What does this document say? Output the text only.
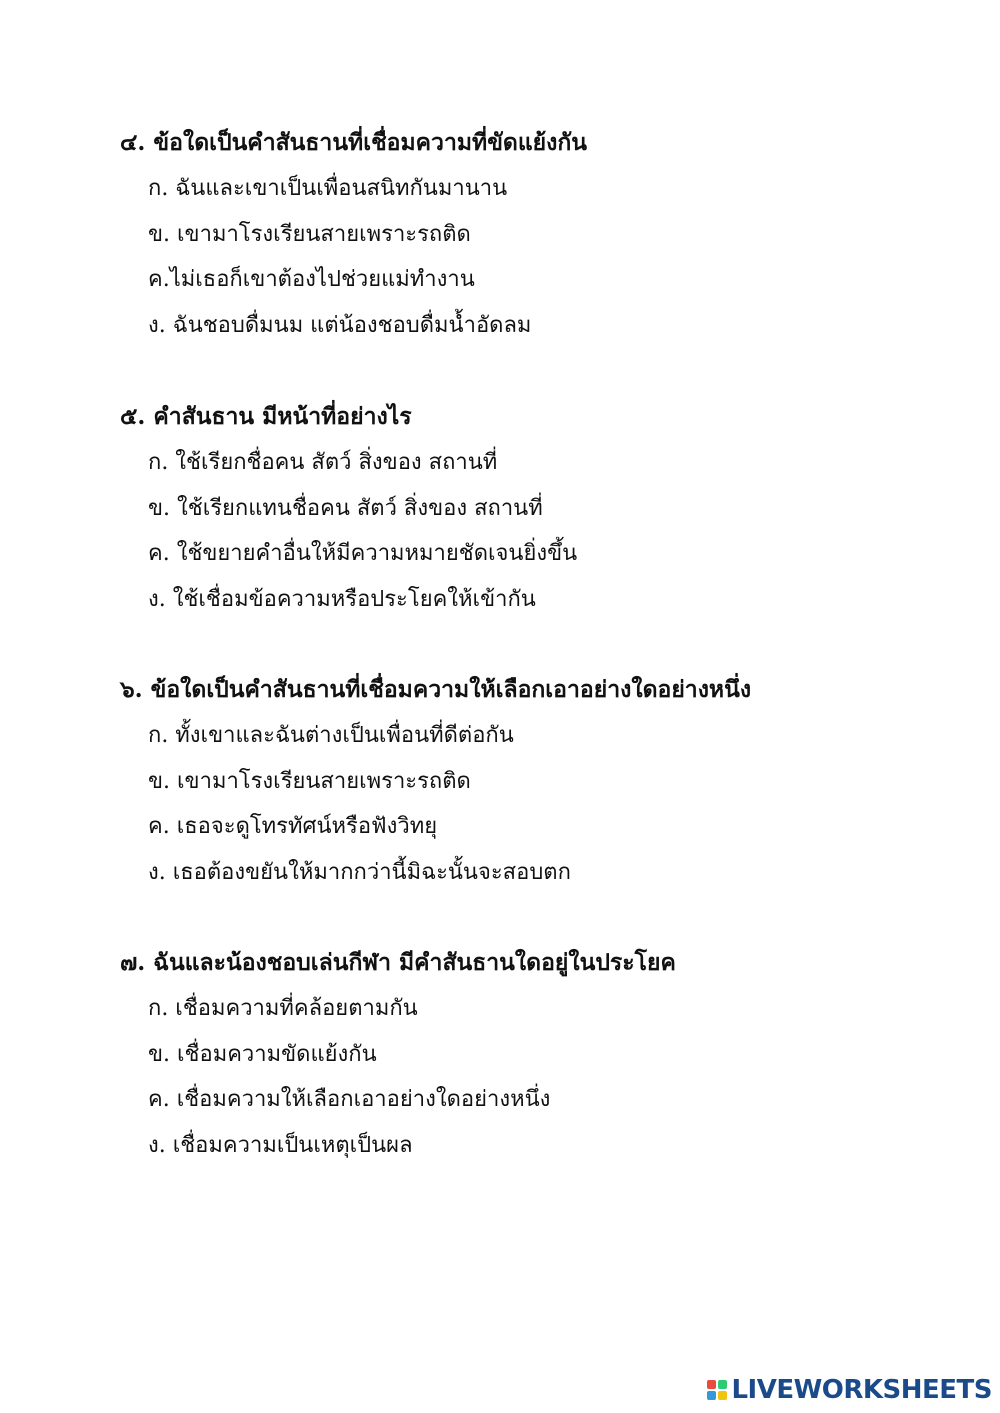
๔. ข้อใดเป็นคำสันธานที่เชื่อมความที่ขัดแย้งกัน
ก. ฉันและเขาเป็นเพื่อนสนิทกันมานาน
ข. เขามาโรงเรียนสายเพราะรถติด
ค.ไม่เธอก็เขาต้องไปช่วยแม่ทำงาน
ง. ฉันชอบดื่มนม แต่น้องชอบดื่มน้ำอัดลม
๕. คำสันธาน มีหน้าที่อย่างไร
ก. ใช้เรียกชื่อคน สัตว์ สิ่งของ สถานที่
ข. ใช้เรียกแทนชื่อคน สัตว์ สิ่งของ สถานที่
ค. ใช้ขยายคำอื่นให้มีความหมายชัดเจนยิ่งขึ้น
ง. ใช้เชื่อมข้อความหรือประโยคให้เข้ากัน
๖. ข้อใดเป็นคำสันธานที่เชื่อมความให้เลือกเอาอย่างใดอย่างหนึ่ง
ก. ทั้งเขาและฉันต่างเป็นเพื่อนที่ดีต่อกัน
ข. เขามาโรงเรียนสายเพราะรถติด
ค. เธอจะดูโทรทัศน์หรือฟังวิทยุ
ง. เธอต้องขยันให้มากกว่านี้มิฉะนั้นจะสอบตก
๗. ฉันและน้องชอบเล่นกีฬา มีคำสันธานใดอยู่ในประโยค
ก. เชื่อมความที่คล้อยตามกัน
ข. เชื่อมความขัดแย้งกัน
ค. เชื่อมความให้เลือกเอาอย่างใดอย่างหนึ่ง
ง. เชื่อมความเป็นเหตุเป็นผล
LIVEWORKSHEETS
